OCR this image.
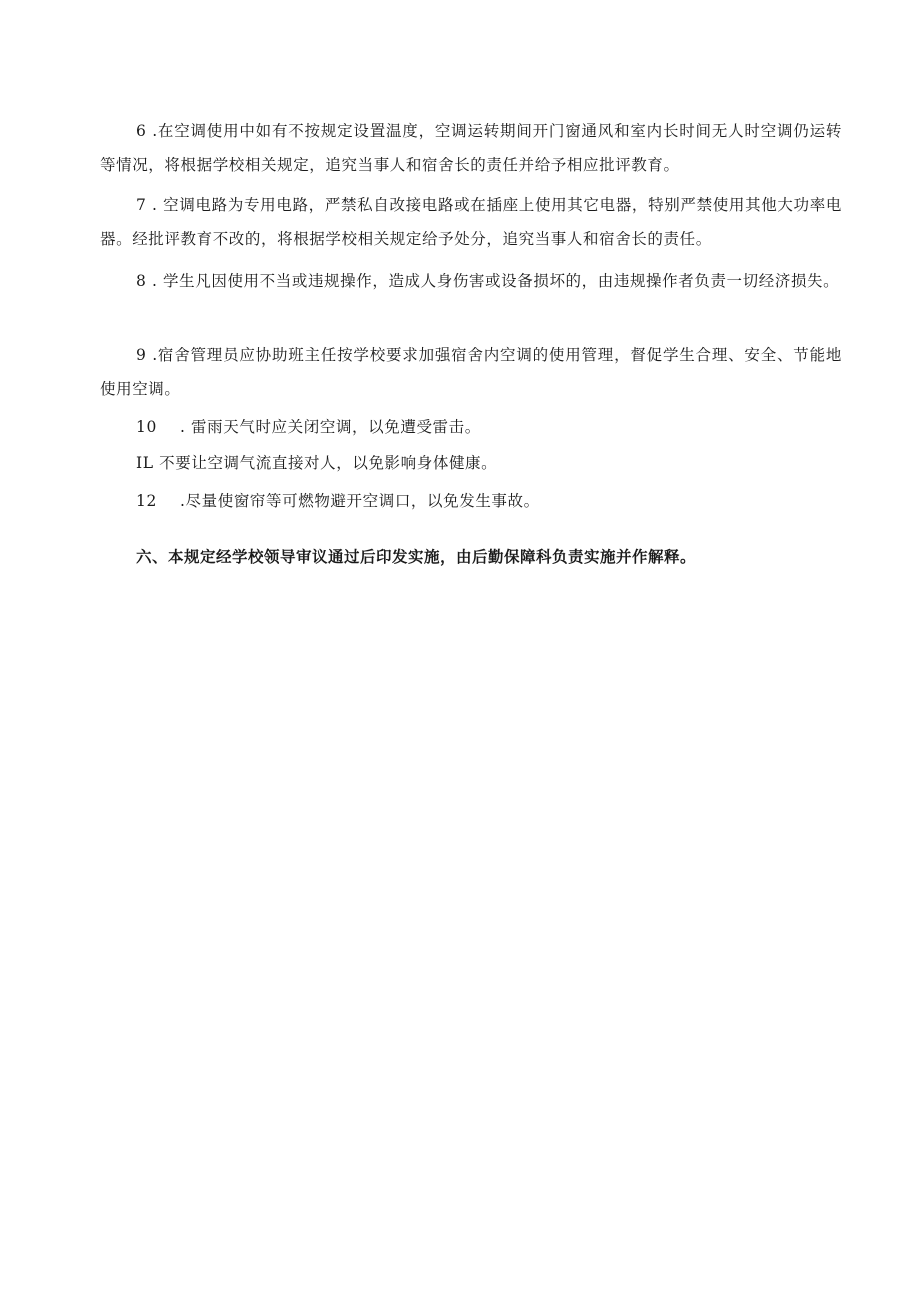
6 .在空调使用中如有不按规定设置温度，空调运转期间开门窗通风和室内长时间无人时空调仍运转等情况，将根据学校相关规定，追究当事人和宿舍长的责任并给予相应批评教育。

7 . 空调电路为专用电路，严禁私自改接电路或在插座上使用其它电器，特别严禁使用其他大功率电器。经批评教育不改的，将根据学校相关规定给予处分，追究当事人和宿舍长的责任。

8 . 学生凡因使用不当或违规操作，造成人身伤害或设备损坏的，由违规操作者负责一切经济损失。

9 .宿舍管理员应协助班主任按学校要求加强宿舍内空调的使用管理，督促学生合理、安全、节能地使用空调。

10 . 雷雨天气时应关闭空调，以免遭受雷击。
IL 不要让空调气流直接对人，以免影响身体健康。
12 .尽量使窗帘等可燃物避开空调口，以免发生事故。
六、本规定经学校领导审议通过后印发实施，由后勤保障科负责实施并作解释。
